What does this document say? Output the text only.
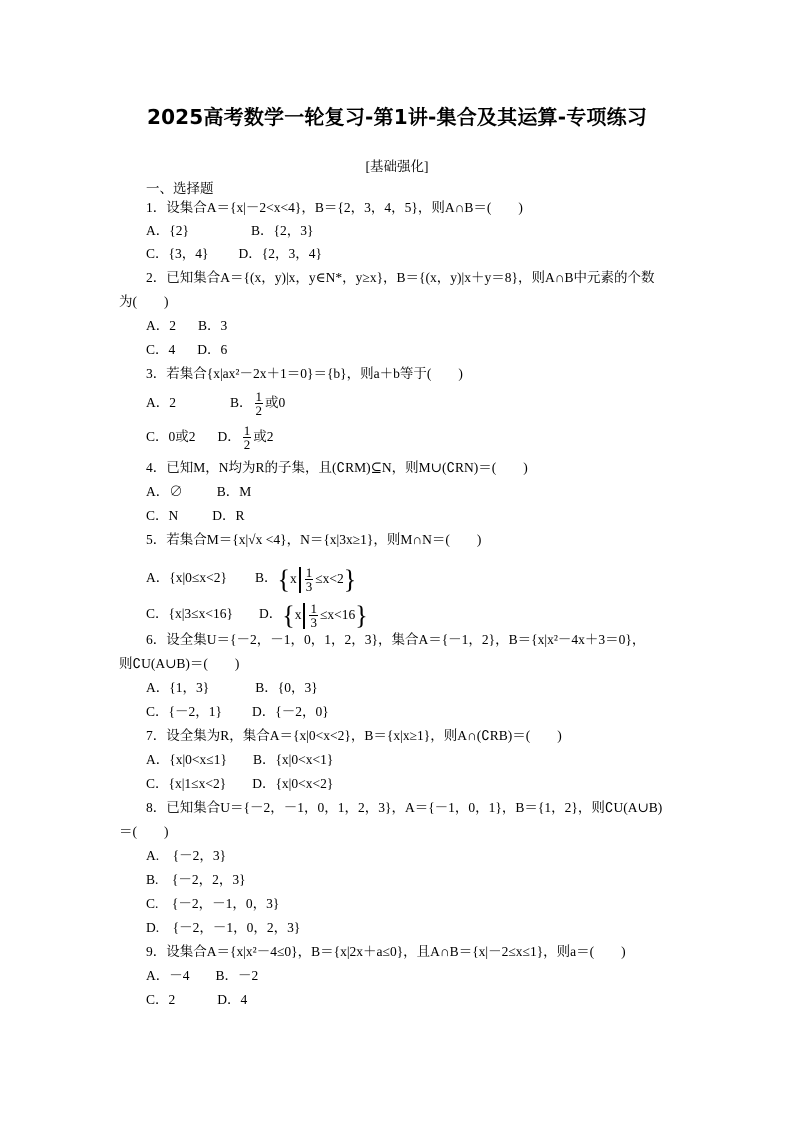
2025高考数学一轮复习-第1讲-集合及其运算-专项练习
[基础强化]
一、选择题
1．设集合A＝{x|－2<x<4}，B＝{2，3，4，5}，则A∩B＝(　　)
A．{2}	B．{2，3}
C．{3，4} D．{2，3，4}
2．已知集合A＝{(x，y)|x，y∈N*，y≥x}，B＝{(x，y)|x＋y＝8}，则A∩B中元素的个数
为(　　)
A．2 B．3
C．4 D．6
3．若集合{x|ax²－2x＋1＝0}＝{b}，则a＋b等于(　　)
A．2	B． $\frac{1}{2}$ 或0
C．0或2 D． $\frac{1}{2}$ 或2
4．已知M，N均为R的子集，且(∁RM)⊆N，则M∪(∁RN)＝(　　)
A．∅	B．M
C．N	D．R
5．若集合M＝{x|√x <4}，N＝{x|3x≥1}，则M∩N＝(　　)
A．{x|0≤x<2} B．$\{x \frac{1}{3} \le x<2\}$
C．{x|3≤x<16} D．$\{x \frac{1}{3} \le x<16\}$
6．设全集U＝{－2，－1，0，1，2，3}，集合A＝{－1，2}，B＝{x|x²－4x＋3＝0}，
则∁U(A∪B)＝(　　)
A．{1，3}	B．{0，3}
C．{－2，1} D．{－2，0}
7．设全集为R，集合A＝{x|0<x<2}，B＝{x|x≥1}，则A∩(∁RB)＝(　　)
A．{x|0<x≤1} B．{x|0<x<1}
C．{x|1≤x<2} D．{x|0<x<2}
8．已知集合U＝{－2，－1，0，1，2，3}，A＝{－1，0，1}，B＝{1，2}，则∁U(A∪B)
＝(　　)
A.　{－2，3}
B.　{－2，2，3}
C.　{－2，－1，0，3}
D.　{－2，－1，0，2，3}
9．设集合A＝{x|x²－4≤0}，B＝{x|2x＋a≤0}，且A∩B＝{x|－2≤x≤1}，则a＝(　　)
A．－4 B．－2
C．2	D．4
